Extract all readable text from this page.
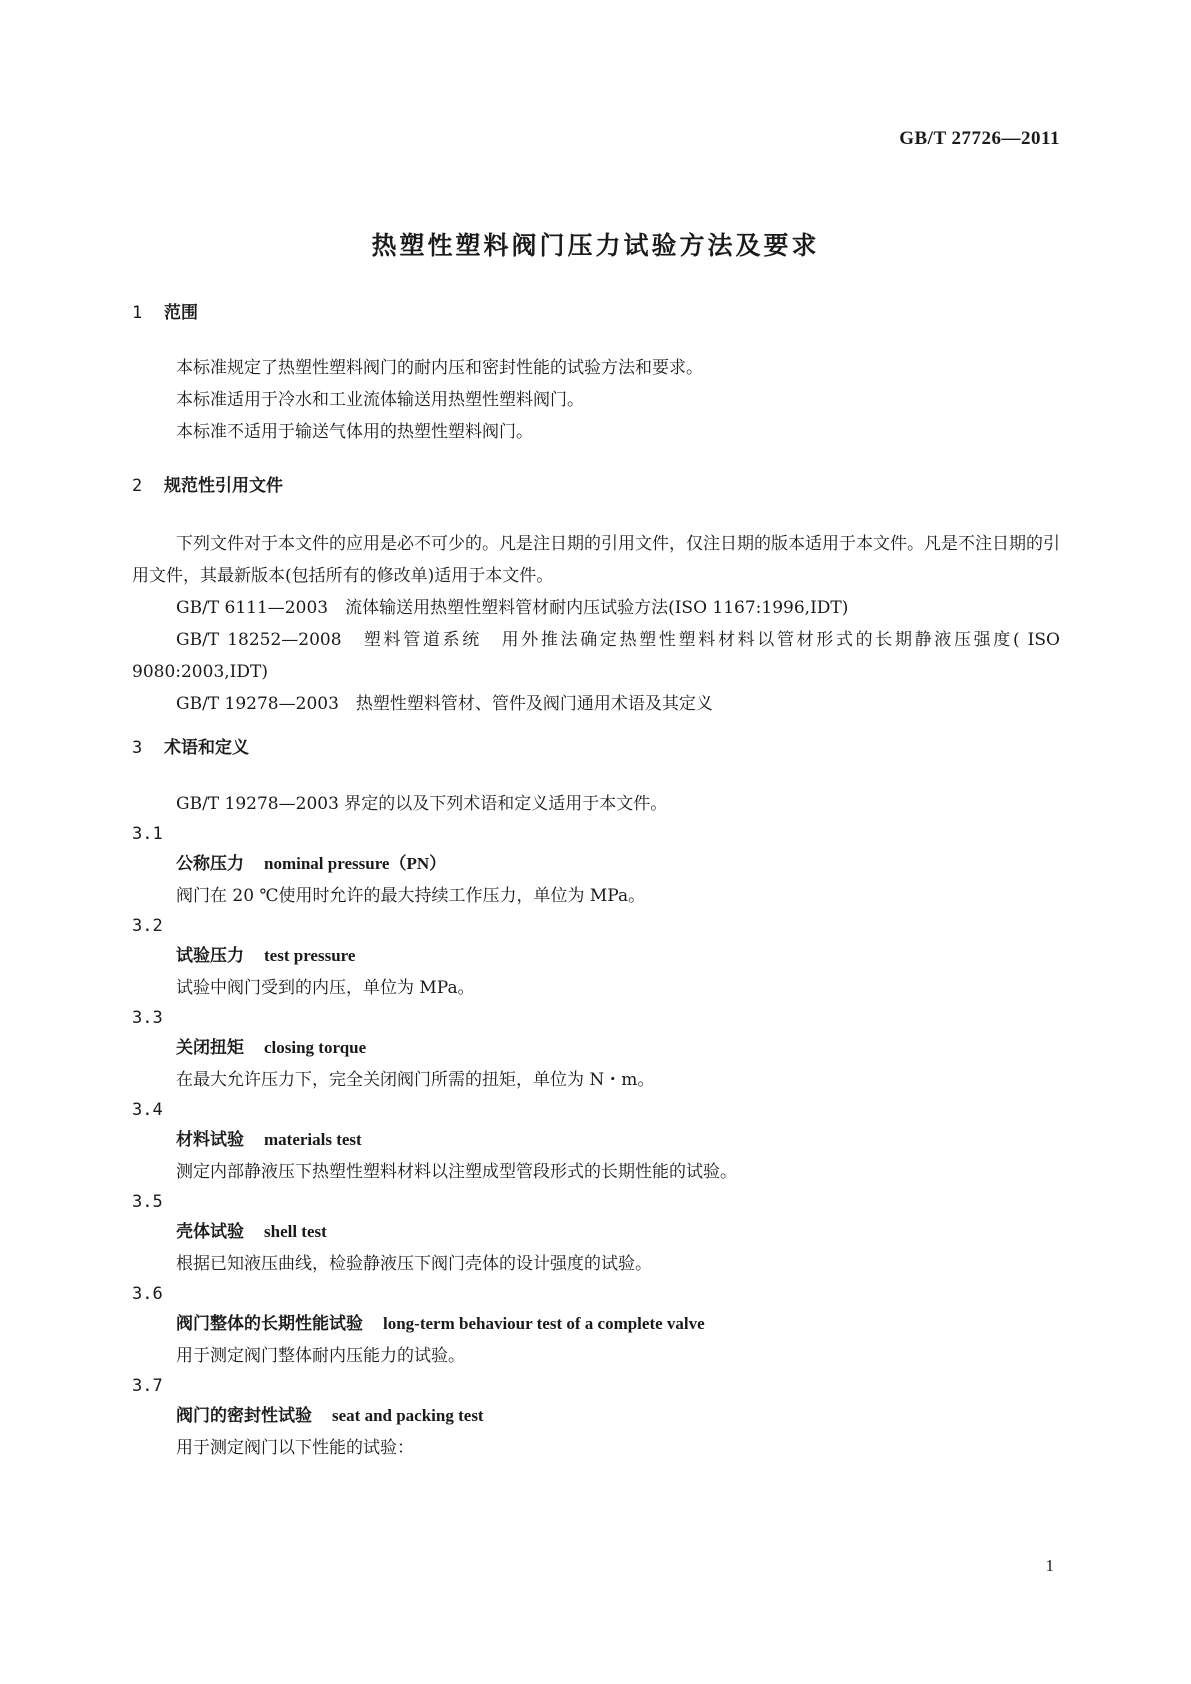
GB/T 27726—2011
热塑性塑料阀门压力试验方法及要求
1 范围
本标准规定了热塑性塑料阀门的耐内压和密封性能的试验方法和要求。
本标准适用于冷水和工业流体输送用热塑性塑料阀门。
本标准不适用于输送气体用的热塑性塑料阀门。
2 规范性引用文件
下列文件对于本文件的应用是必不可少的。凡是注日期的引用文件，仅注日期的版本适用于本文件。凡是不注日期的引用文件，其最新版本(包括所有的修改单)适用于本文件。
GB/T 6111—2003　流体输送用热塑性塑料管材耐内压试验方法(ISO 1167:1996,IDT)
GB/T 18252—2008　塑料管道系统　用外推法确定热塑性塑料材料以管材形式的长期静液压强度( ISO 9080:2003,IDT)
GB/T 19278—2003　热塑性塑料管材、管件及阀门通用术语及其定义
3 术语和定义
GB/T 19278—2003 界定的以及下列术语和定义适用于本文件。
3.1
公称压力 nominal pressure（PN）
阀门在 20 ℃使用时允许的最大持续工作压力，单位为 MPa。
3.2
试验压力 test pressure
试验中阀门受到的内压，单位为 MPa。
3.3
关闭扭矩 closing torque
在最大允许压力下，完全关闭阀门所需的扭矩，单位为 N・m。
3.4
材料试验 materials test
测定内部静液压下热塑性塑料材料以注塑成型管段形式的长期性能的试验。
3.5
壳体试验 shell test
根据已知液压曲线，检验静液压下阀门壳体的设计强度的试验。
3.6
阀门整体的长期性能试验 long-term behaviour test of a complete valve
用于测定阀门整体耐内压能力的试验。
3.7
阀门的密封性试验 seat and packing test
用于测定阀门以下性能的试验：
1
